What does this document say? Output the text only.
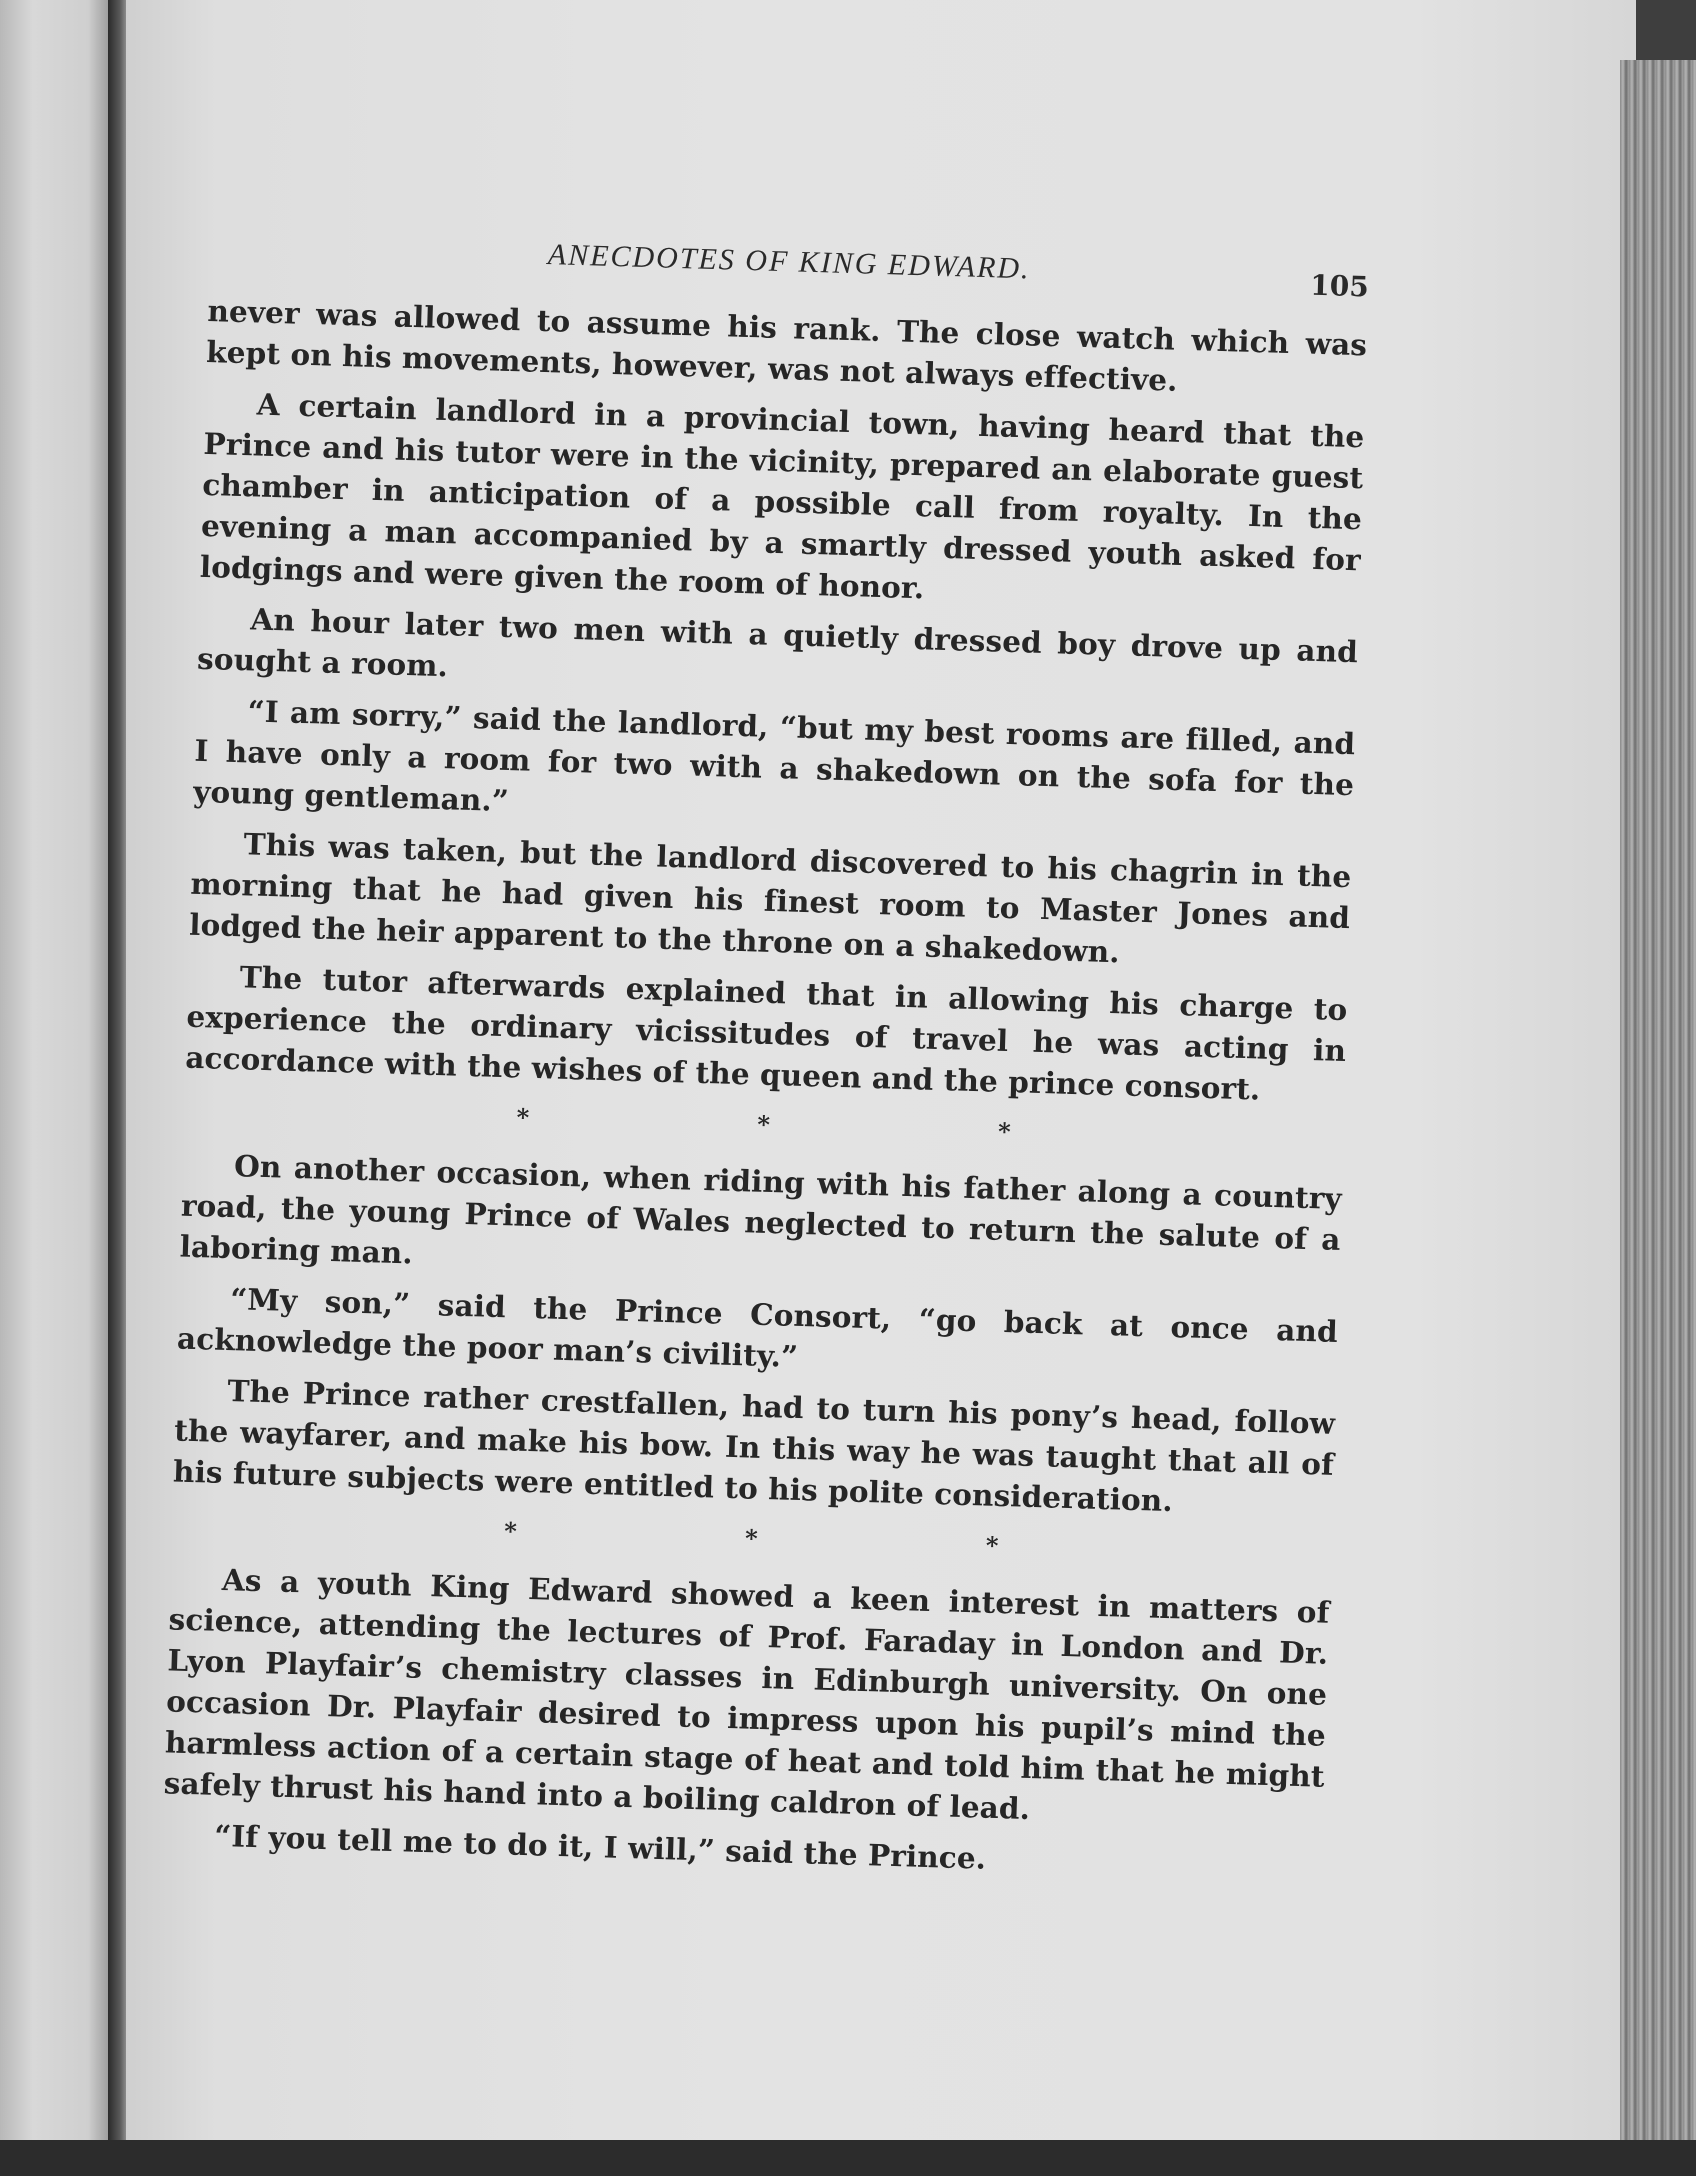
ANECDOTES OF KING EDWARD.
105

never was allowed to assume his rank. The close watch which was kept on his movements, however, was not always effective.

A certain landlord in a provincial town, having heard that the Prince and his tutor were in the vicinity, prepared an elaborate guest chamber in anticipation of a possible call from royalty. In the evening a man accompanied by a smartly dressed youth asked for lodgings and were given the room of honor.

An hour later two men with a quietly dressed boy drove up and sought a room.

“I am sorry,” said the landlord, “but my best rooms are filled, and I have only a room for two with a shakedown on the sofa for the young gentleman.”

This was taken, but the landlord discovered to his chagrin in the morning that he had given his finest room to Master Jones and lodged the heir apparent to the throne on a shakedown.

The tutor afterwards explained that in allowing his charge to experience the ordinary vicissitudes of travel he was acting in accordance with the wishes of the queen and the prince consort.

* * *

On another occasion, when riding with his father along a country road, the young Prince of Wales neglected to return the salute of a laboring man.

“My son,” said the Prince Consort, “go back at once and acknowledge the poor man’s civility.”

The Prince rather crestfallen, had to turn his pony’s head, follow the wayfarer, and make his bow. In this way he was taught that all of his future subjects were entitled to his polite consideration.

* * *

As a youth King Edward showed a keen interest in matters of science, attending the lectures of Prof. Faraday in London and Dr. Lyon Playfair’s chemistry classes in Edinburgh university. On one occasion Dr. Playfair desired to impress upon his pupil’s mind the harmless action of a certain stage of heat and told him that he might safely thrust his hand into a boiling caldron of lead.

“If you tell me to do it, I will,” said the Prince.
